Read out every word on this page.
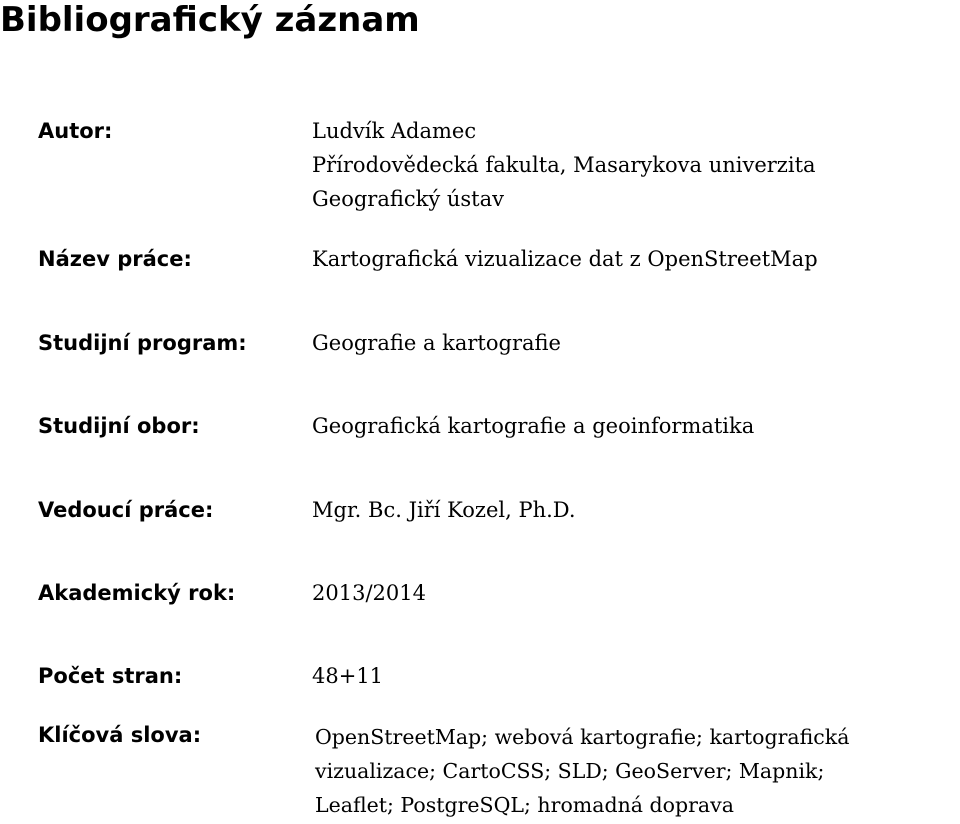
Bibliografický záznam
Autor:	Ludvík Adamec
Přírodovědecká fakulta, Masarykova univerzita
Geografický ústav
Název práce:	Kartografická vizualizace dat z OpenStreetMap
Studijní program:	Geografie a kartografie
Studijní obor:	Geografická kartografie a geoinformatika
Vedoucí práce:	Mgr. Bc. Jiří Kozel, Ph.D.
Akademický rok:	2013/2014
Počet stran:	48+11
Klíčová slova:	OpenStreetMap; webová kartografie; kartografická
vizualizace; CartoCSS; SLD; GeoServer; Mapnik;
Leaflet; PostgreSQL; hromadná doprava
